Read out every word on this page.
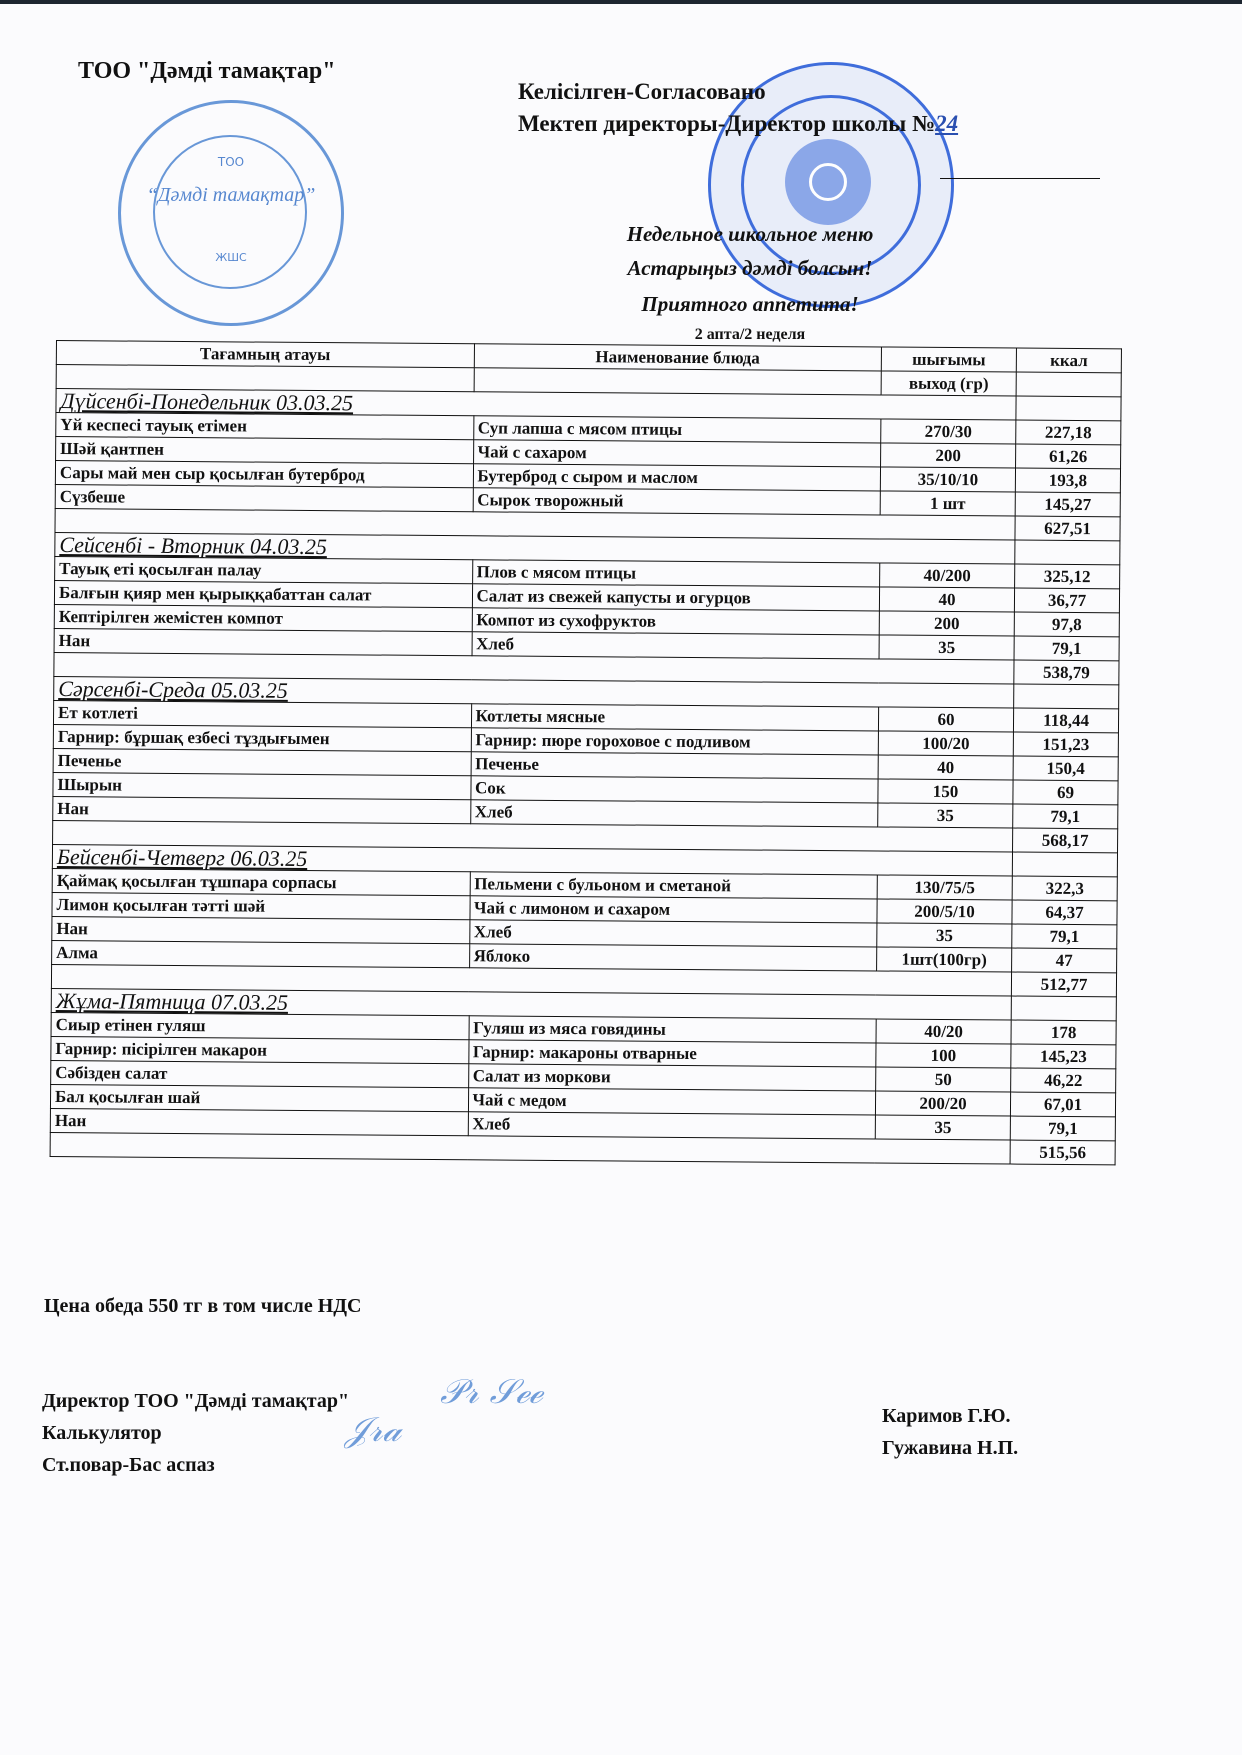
ТОО "Дәмді тамақтар"
ТОО
“Дәмді тамақтар”
ЖШС
Келісілген-Согласовано
Мектеп директоры-Директор школы №24
Недельное школьное меню
Астарыңыз дәмді болсын!
Приятного аппетита!
2 апта/2 неделя
Тағамның атауы	Наименование блюда	шығымы	ккал
		выход (гр)	
Дүйсенбі-Понедельник 03.03.25			
Үй кеспесі тауық етімен	Суп лапша с мясом птицы	270/30	227,18
Шәй қантпен	Чай с сахаром	200	61,26
Сары май мен сыр қосылған бутерброд	Бутерброд с сыром и маслом	35/10/10	193,8
Сүзбеше	Сырок творожный	1 шт	145,27
			627,51
Сейсенбі - Вторник 04.03.25			
Тауық еті қосылған палау	Плов с мясом птицы	40/200	325,12
Балғын қияр мен қырыққабаттан салат	Салат из свежей капусты и огурцов	40	36,77
Кептірілген жемістен компот	Компот из сухофруктов	200	97,8
Нан	Хлеб	35	79,1
			538,79
Сәрсенбі-Среда 05.03.25			
Ет котлеті	Котлеты мясные	60	118,44
Гарнир: бұршақ езбесі тұздығымен	Гарнир: пюре гороховое с подливом	100/20	151,23
Печенье	Печенье	40	150,4
Шырын	Сок	150	69
Нан	Хлеб	35	79,1
			568,17
Бейсенбі-Четверг 06.03.25			
Қаймақ қосылған тұшпара сорпасы	Пельмени с бульоном и сметаной	130/75/5	322,3
Лимон қосылған тәтті шәй	Чай с лимоном и сахаром	200/5/10	64,37
Нан	Хлеб	35	79,1
Алма	Яблоко	1шт(100гр)	47
			512,77
Жұма-Пятница 07.03.25			
Сиыр етінен гуляш	Гуляш из мяса говядины	40/20	178
Гарнир: пісірілген макарон	Гарнир: макароны отварные	100	145,23
Сәбізден салат	Салат из моркови	50	46,22
Бал қосылған шай	Чай с медом	200/20	67,01
Нан	Хлеб	35	79,1
			515,56
Цена обеда 550 тг в том числе НДС
Директор ТОО "Дәмді тамақтар"
Калькулятор
Ст.повар-Бас аспаз
𝒥𝓇𝒶
𝒫𝓇 𝒮ℯℯ
Каримов Г.Ю.
Гужавина Н.П.
